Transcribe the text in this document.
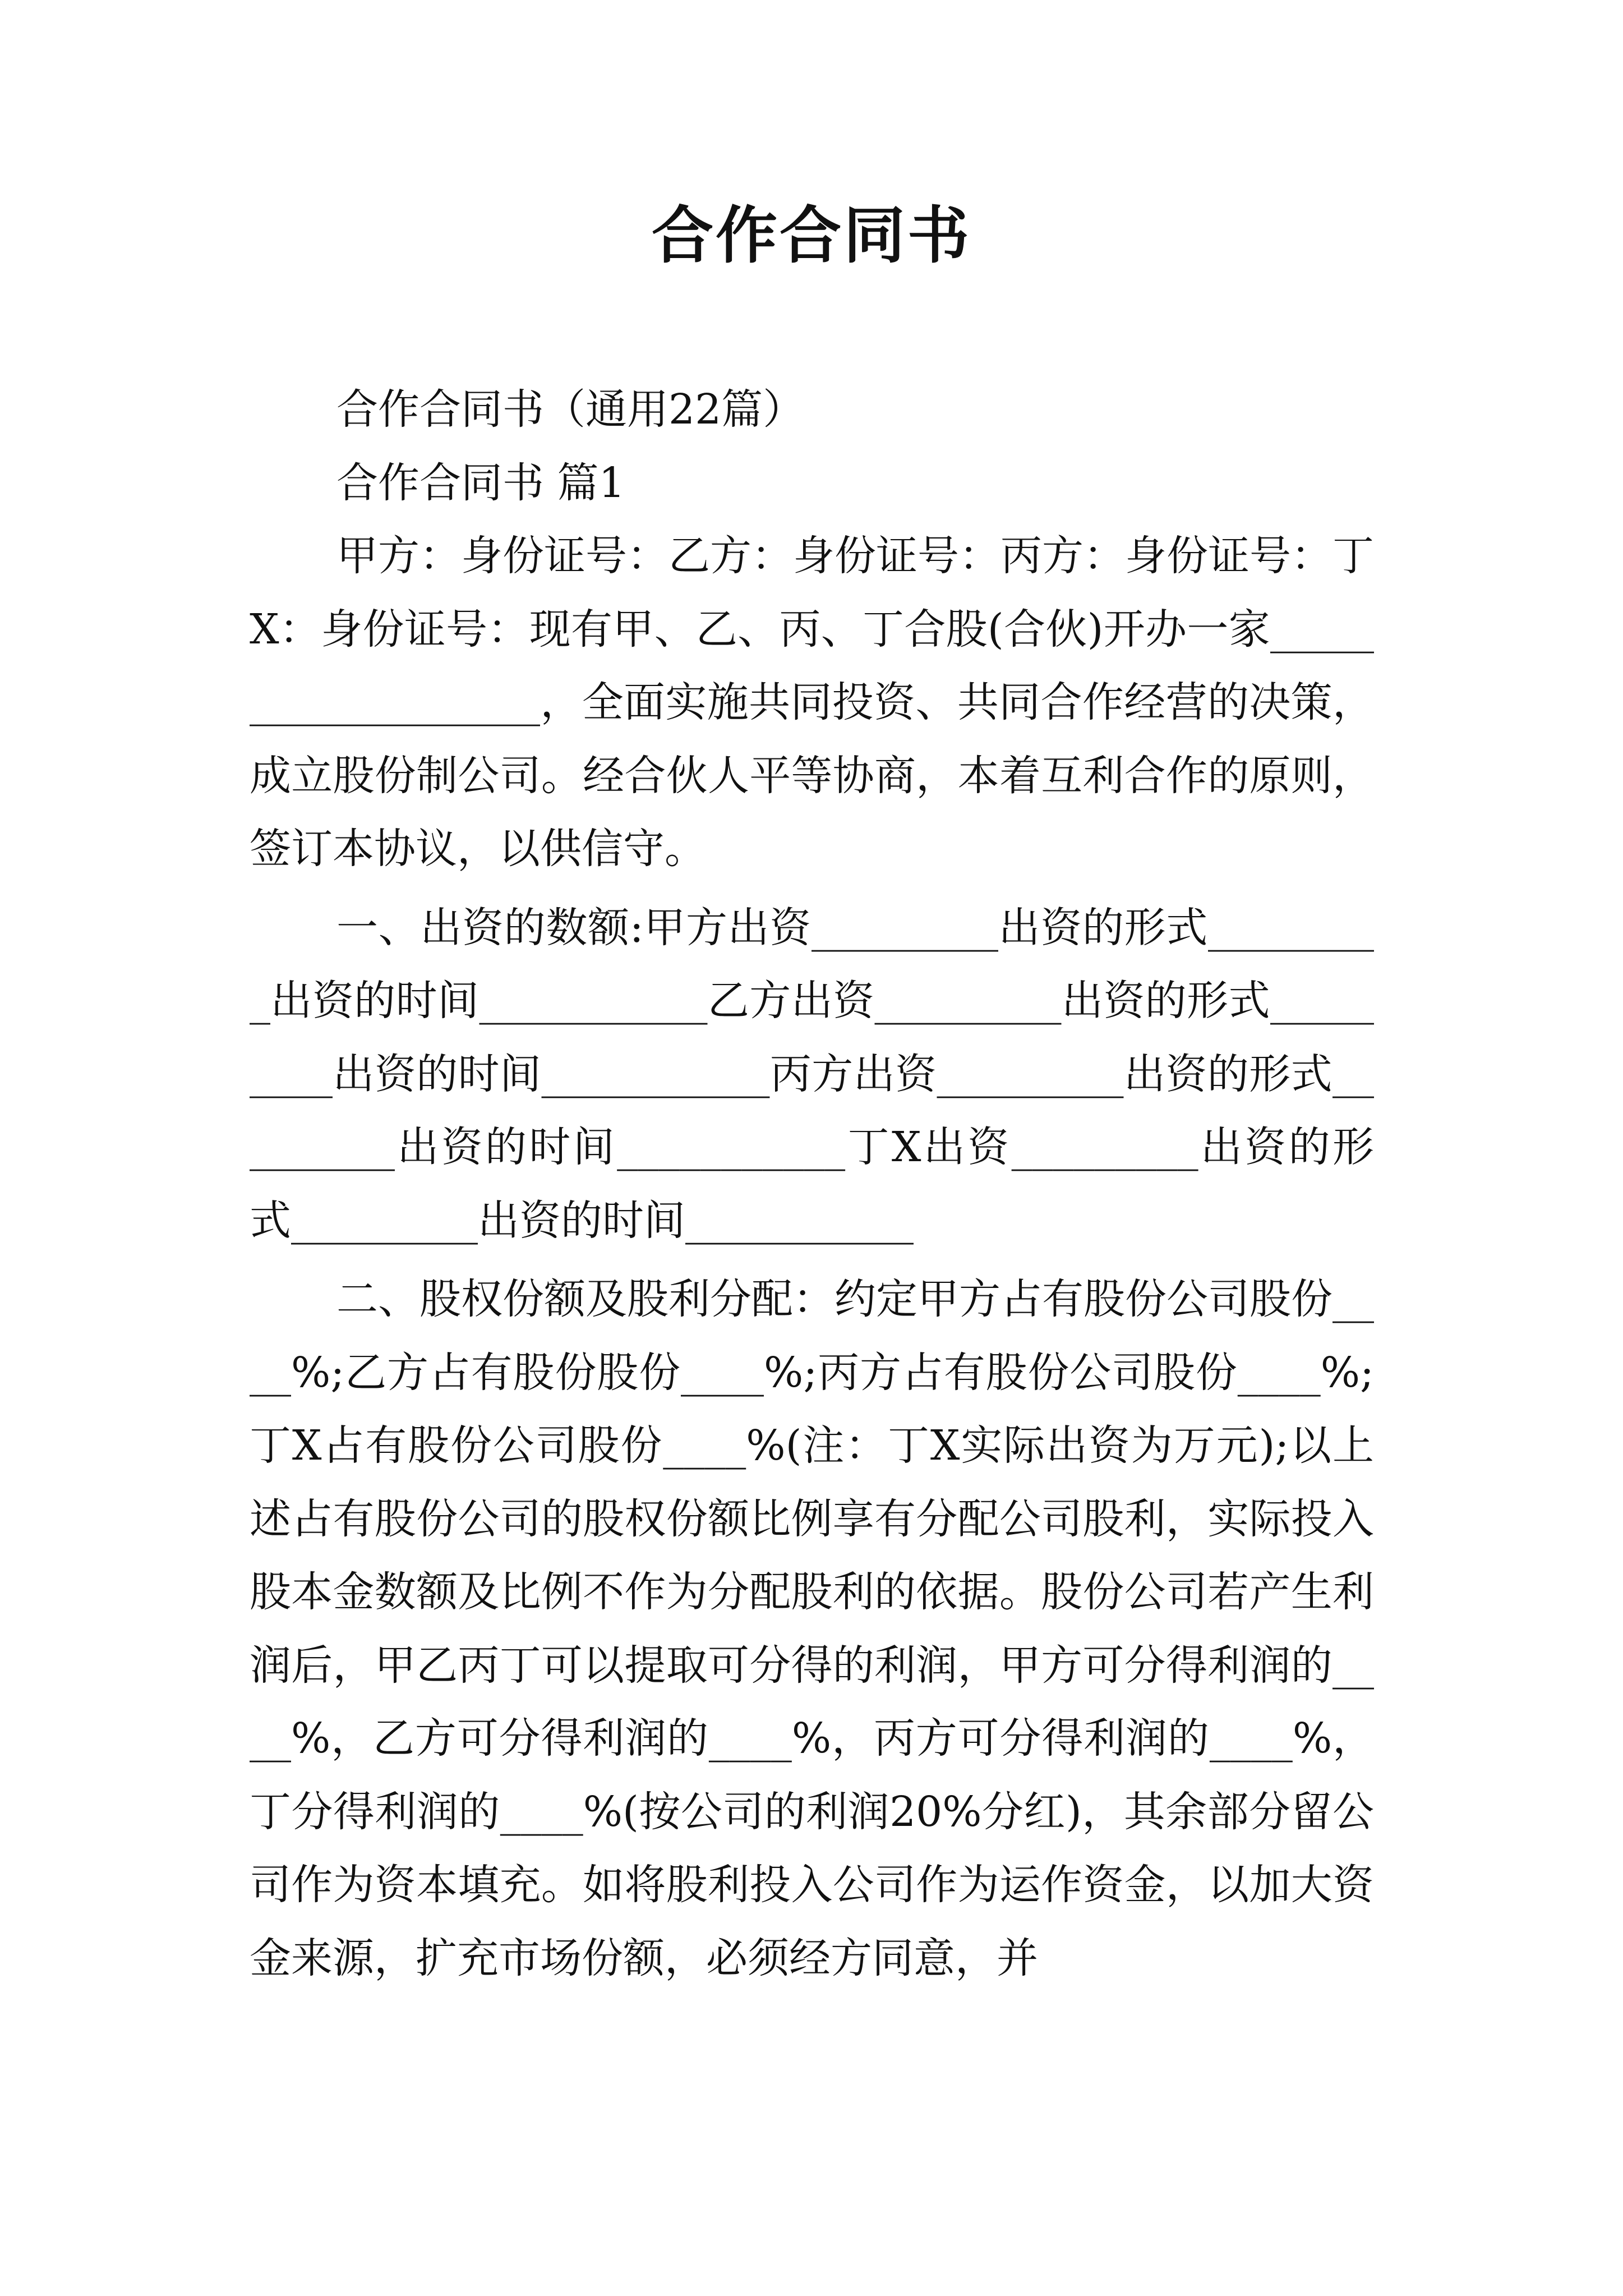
合作合同书

合作合同书（通用22篇）

合作合同书 篇1

甲方：身份证号：乙方：身份证号：丙方：身份证号：丁X：身份证号：现有甲、乙、丙、丁合股(合伙)开办一家___________________，全面实施共同投资、共同合作经营的决策，成立股份制公司。经合伙人平等协商，本着互利合作的原则，签订本协议，以供信守。

一、出资的数额:甲方出资_________出资的形式_________出资的时间___________乙方出资_________出资的形式_________出资的时间___________丙方出资_________出资的形式_________出资的时间___________丁X出资_________出资的形式_________出资的时间___________

二、股权份额及股利分配：约定甲方占有股份公司股份____%;乙方占有股份股份____%;丙方占有股份公司股份____%;丁X占有股份公司股份____%(注：丁X实际出资为万元);以上述占有股份公司的股权份额比例享有分配公司股利，实际投入股本金数额及比例不作为分配股利的依据。股份公司若产生利润后，甲乙丙丁可以提取可分得的利润，甲方可分得利润的____%，乙方可分得利润的____%，丙方可分得利润的____%，丁分得利润的____%(按公司的利润20%分红)，其余部分留公司作为资本填充。如将股利投入公司作为运作资金，以加大资金来源，扩充市场份额，必须经方同意，并
